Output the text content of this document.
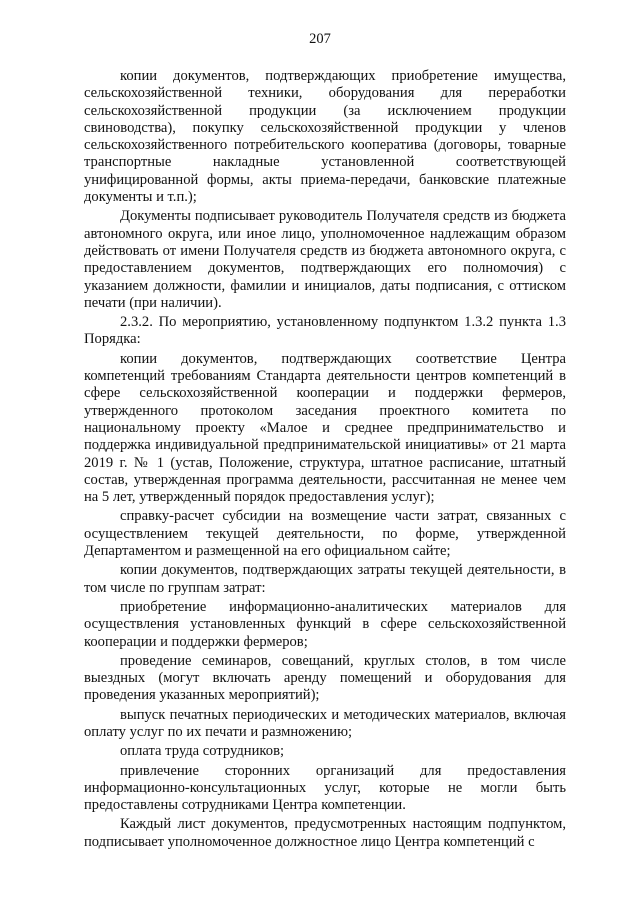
207

копии документов, подтверждающих приобретение имущества, сельскохозяйственной техники, оборудования для переработки сельскохозяйственной продукции (за исключением продукции свиноводства), покупку сельскохозяйственной продукции у членов сельскохозяйственного потребительского кооператива (договоры, товарные транспортные накладные установленной соответствующей унифицированной формы, акты приема-передачи, банковские платежные документы и т.п.);

Документы подписывает руководитель Получателя средств из бюджета автономного округа, или иное лицо, уполномоченное надлежащим образом действовать от имени Получателя средств из бюджета автономного округа, с предоставлением документов, подтверждающих его полномочия) с указанием должности, фамилии и инициалов, даты подписания, с оттиском печати (при наличии).

2.3.2. По мероприятию, установленному подпунктом 1.3.2 пункта 1.3 Порядка:

копии документов, подтверждающих соответствие Центра компетенций требованиям Стандарта деятельности центров компетенций в сфере сельскохозяйственной кооперации и поддержки фермеров, утвержденного протоколом заседания проектного комитета по национальному проекту «Малое и среднее предпринимательство и поддержка индивидуальной предпринимательской инициативы» от 21 марта 2019 г. № 1 (устав, Положение, структура, штатное расписание, штатный состав, утвержденная программа деятельности, рассчитанная не менее чем на 5 лет, утвержденный порядок предоставления услуг);

справку-расчет субсидии на возмещение части затрат, связанных с осуществлением текущей деятельности, по форме, утвержденной Департаментом и размещенной на его официальном сайте;

копии документов, подтверждающих затраты текущей деятельности, в том числе по группам затрат:

приобретение информационно-аналитических материалов для осуществления установленных функций в сфере сельскохозяйственной кооперации и поддержки фермеров;

проведение семинаров, совещаний, круглых столов, в том числе выездных (могут включать аренду помещений и оборудования для проведения указанных мероприятий);

выпуск печатных периодических и методических материалов, включая оплату услуг по их печати и размножению;

оплата труда сотрудников;

привлечение сторонних организаций для предоставления информационно-консультационных услуг, которые не могли быть предоставлены сотрудниками Центра компетенции.

Каждый лист документов, предусмотренных настоящим подпунктом, подписывает уполномоченное должностное лицо Центра компетенций с
